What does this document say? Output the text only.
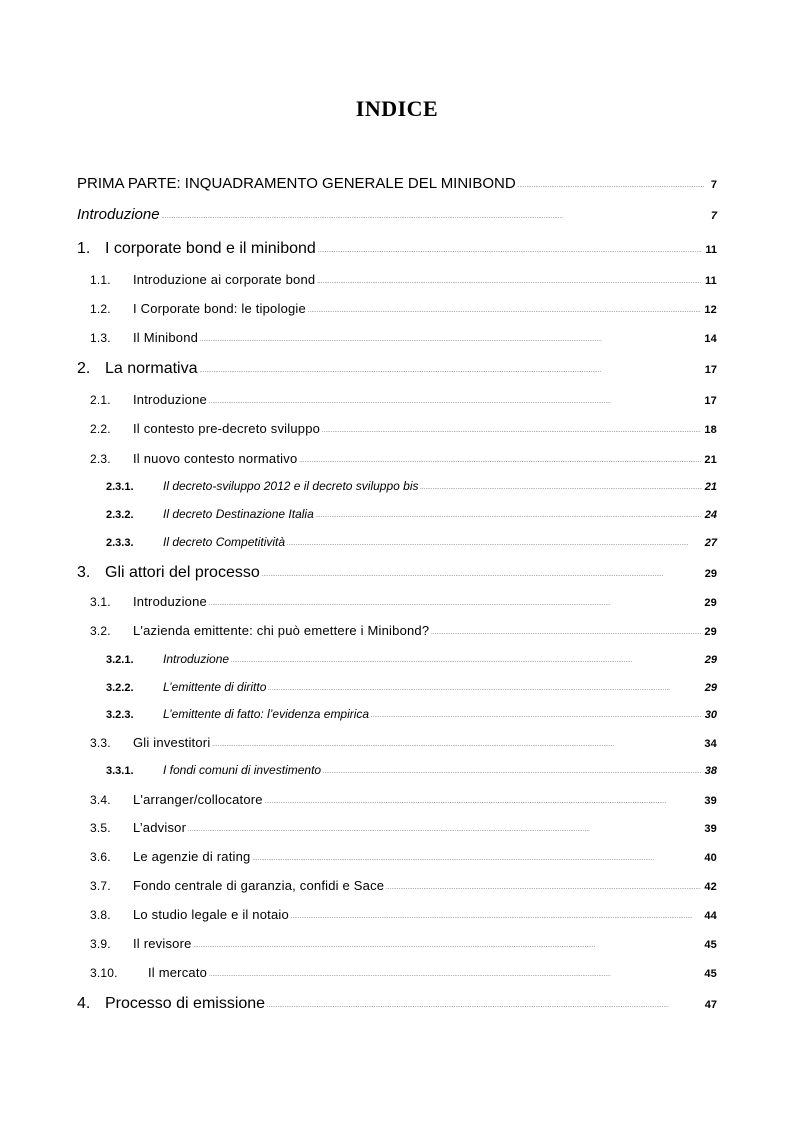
INDICE
PRIMA PARTE: INQUADRAMENTO GENERALE DEL MINIBOND . . .	7
Introduzione . . .	7
1. I corporate bond e il minibond . . .	11
1.1.	Introduzione ai corporate bond . . .	11
1.2.	I Corporate bond: le tipologie . . .	12
1.3.	Il Minibond . . .	14
2. La normativa . . .	17
2.1.	Introduzione . . .	17
2.2.	Il contesto pre-decreto sviluppo . . .	18
2.3.	Il nuovo contesto normativo . . .	21
2.3.1.	Il decreto-sviluppo 2012 e il decreto sviluppo bis . . .	21
2.3.2.	Il decreto Destinazione Italia . . .	24
2.3.3.	Il decreto Competitività . . .	27
3. Gli attori del processo . . .	29
3.1.	Introduzione . . .	29
3.2.	L'azienda emittente: chi può emettere i Minibond? . . .	29
3.2.1.	Introduzione . . .	29
3.2.2.	L’emittente di diritto . . .	29
3.2.3.	L’emittente di fatto: l’evidenza empirica . . .	30
3.3.	Gli investitori . . .	34
3.3.1.	I fondi comuni di investimento . . .	38
3.4.	L'arranger/collocatore . . .	39
3.5.	L’advisor . . .	39
3.6.	Le agenzie di rating . . .	40
3.7.	Fondo centrale di garanzia, confidi e Sace . . .	42
3.8.	Lo studio legale e il notaio . . .	44
3.9.	Il revisore . . .	45
3.10.	Il mercato . . .	45
4. Processo di emissione . . .	47
